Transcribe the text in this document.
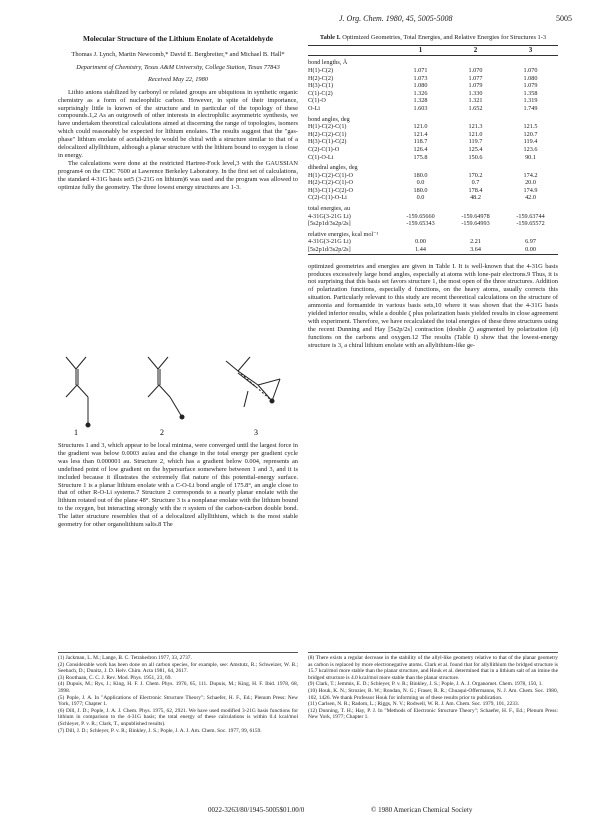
J. Org. Chem. 1980, 45, 5005-5008	5005
Molecular Structure of the Lithium Enolate of Acetaldehyde
Thomas J. Lynch, Martin Newcomb,* David E. Bergbreiter,* and Michael B. Hall*
Department of Chemistry, Texas A&M University, College Station, Texas 77843
Received May 22, 1980

Lithio anions stabilized by carbonyl or related groups are ubiquitous in synthetic organic chemistry as a form of nucleophilic carbon. However, in spite of their importance, surprisingly little is known of the structure and in particular of the topology of these compounds.1,2 As an outgrowth of other interests in electrophilic asymmetric synthesis, we have undertaken theoretical calculations aimed at discerning the range of topologies, isomers which could reasonably be expected for lithium enolates. The results suggest that the "gas-phase" lithium enolate of acetaldehyde would be chiral with a structure similar to that of a delocalized allyllithium, although a planar structure with the lithium bound to oxygen is close in energy.

The calculations were done at the restricted Hartree-Fock level,3 with the GAUSSIAN program4 on the CDC 7600 at Lawrence Berkeley Laboratory. In the first set of calculations, the standard 4-31G basis set5 (3-21G on lithium)6 was used and the program was allowed to optimize fully the geometry. The three lowest energy structures are 1-3.

1	2	3

Structures 1 and 3, which appear to be local minima, were converged until the largest force in the gradient was below 0.0003 au/au and the change in the total energy per gradient cycle was less than 0.000001 au. Structure 2, which has a gradient below 0.004, represents an undefined point of low gradient on the hypersurface somewhere between 1 and 3, and it is included because it illustrates the extremely flat nature of this potential-energy surface. Structure 1 is a planar lithium enolate with a C-O-Li bond angle of 175.8°, an angle close to that of other R-O-Li systems.7 Structure 2 corresponds to a nearly planar enolate with the lithium rotated out of the plane 48°. Structure 3 is a nonplanar enolate with the lithium bound to the oxygen, but interacting strongly with the π system of the carbon-carbon double bond. The latter structure resembles that of a delocalized allyllithium, which is the most stable geometry for other organolithium salts.8 The

Table I. Optimized Geometries, Total Energies, and Relative Energies for Structures 1-3
	1	2	3
bond lengths, Å			
H(1)-C(2)	1.071	1.070	1.070
H(2)-C(2)	1.073	1.077	1.080
H(3)-C(1)	1.080	1.079	1.079
C(1)-C(2)	1.326	1.330	1.358
C(1)-O	1.328	1.321	1.319
O-Li	1.603	1.652	1.749
bond angles, deg			
H(1)-C(2)-C(1)	121.0	121.3	121.5
H(2)-C(2)-C(1)	121.4	121.0	120.7
H(3)-C(1)-C(2)	118.7	119.7	119.4
C(2)-C(1)-O	126.4	125.4	123.6
C(1)-O-Li	175.8	150.6	90.1
dihedral angles, deg			
H(1)-C(2)-C(1)-O	180.0	170.2	174.2
H(2)-C(2)-C(1)-O	0.0	0.7	20.0
H(3)-C(1)-C(2)-O	180.0	178.4	174.9
C(2)-C(1)-O-Li	0.0	48.2	42.0
total energies, au			
4-31G(3-21G Li)	-159.65660	-159.64978	-159.63744
[5s2p1d/3s2p/2s]	-159.65343	-159.64993	-159.65572
relative energies, kcal mol⁻¹			
4-31G(3-21G Li)	0.00	2.21	6.97
[5s2p1d/3s2p/2s]	1.44	3.64	0.00

optimized geometries and energies are given in Table I. It is well-known that the 4-31G basis produces excessively large bond angles, especially at atoms with lone-pair electrons.9 Thus, it is not surprising that this basis set favors structure 1, the most open of the three structures. Addition of polarization functions, especially d functions, on the heavy atoms, usually corrects this situation. Particularly relevant to this study are recent theoretical calculations on the structure of ammonia and formamide in various basis sets,10 where it was shown that the 4-31G basis yielded inferior results, while a double ζ plus polarization basis yielded results in close agreement with experiment. Therefore, we have recalculated the total energies of these three structures using the recent Dunning and Hay [5s2p/2s] contraction (double ζ) augmented by polarization (d) functions on the carbons and oxygen.12 The results (Table I) show that the lowest-energy structure is 3, a chiral lithium enolate with an allylithium-like ge-

(1) Jackman, L. M.; Lange, B. C. Tetrahedron 1977, 33, 2737.

(2) Considerable work has been done on all carbon species, for example, see: Amstutz, R.; Schweizer, W. B.; Seebach, D.; Dunitz, J. D. Helv. Chim. Acta 1981, 64, 2617.

(3) Roothaan, C. C. J. Rev. Mod. Phys. 1951, 23, 69.

(4) Dupuis, M.; Rys, J.; King, H. F. J. Chem. Phys. 1976, 65, 111. Dupuis, M.; King, H. F. Ibid. 1978, 68, 3998.

(5) Pople, J. A. In "Applications of Electronic Structure Theory"; Schaefer, H. F., Ed.; Plenum Press: New York, 1977; Chapter 1.

(6) Dill, J. D.; Pople, J. A. J. Chem. Phys. 1975, 62, 2921. We have used modified 3-21G basis functions for lithium in comparison to the 4-31G basis; the total energy of these calculations is within 0.4 kcal/mol (Schleyer, P. v. R.; Clark, T., unpublished results).

(7) Dill, J. D.; Schleyer, P. v. R.; Binkley, J. S.; Pople, J. A. J. Am. Chem. Soc. 1977, 99, 6159.

(8) There exists a regular decrease in the stability of the allyl-like geometry relative to that of the planar geometry as carbon is replaced by more electronegative atoms. Clark et al. found that for allyllithium the bridged structure is 15.7 kcal/mol more stable than the planar structure, and Houk et al. determined that in a lithium salt of an imine the bridged structure is 4.0 kcal/mol more stable than the planar structure.

(9) Clark, T.; Jemmis, E. D.; Schleyer, P. v. R.; Binkley, J. S.; Pople, J. A. J. Organomet. Chem. 1978, 150, 1.

(10) Houk, K. N.; Strozier, R. W.; Rondan, N. G.; Fraser, R. R.; Chuaqui-Offermanns, N. J. Am. Chem. Soc. 1980, 102, 1426. We thank Professor Houk for informing us of these results prior to publication.

(11) Carlsen, N. R.; Radom, L.; Riggs, N. V.; Rodwell, W. R. J. Am. Chem. Soc. 1979, 101, 2233.

(12) Dunning, T. H.; Hay, P. J. In "Methods of Electronic Structure Theory"; Schaefer, H. F., Ed.; Plenum Press: New York, 1977; Chapter 1.

0022-3263/80/1945-5005$01.00/0	© 1980 American Chemical Society
